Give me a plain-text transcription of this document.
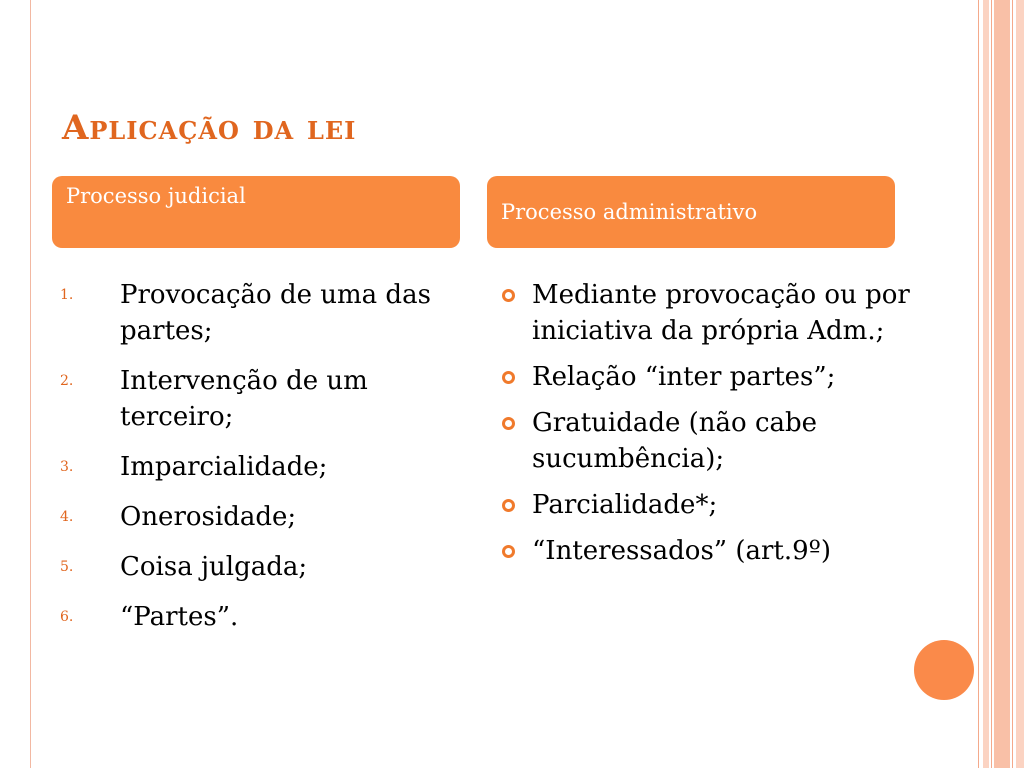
Aplicação da lei
Processo judicial
Processo administrativo
1. Provocação de uma das partes;
2. Intervenção de um terceiro;
3. Imparcialidade;
4. Onerosidade;
5. Coisa julgada;
6. “Partes”.
Mediante provocação ou por iniciativa da própria Adm.;
Relação “inter partes”;
Gratuidade (não cabe sucumbência);
Parcialidade*;
“Interessados” (art.9º)
